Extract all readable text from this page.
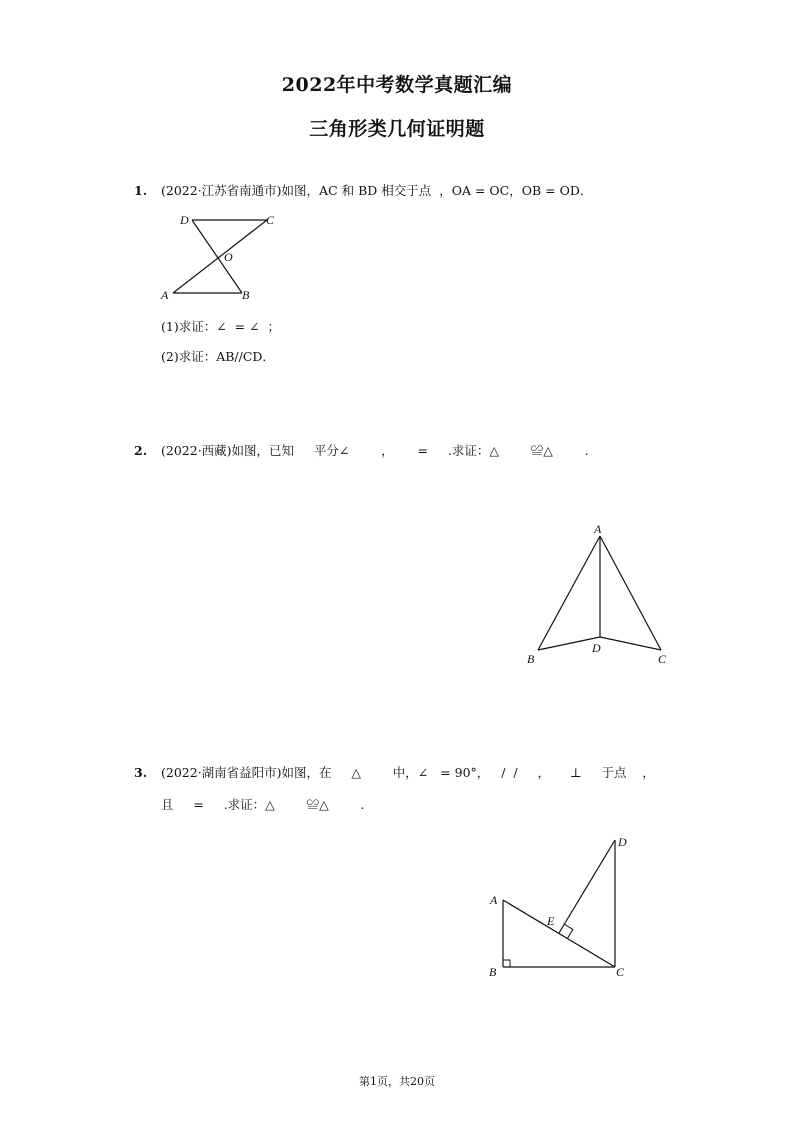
2022年中考数学真题汇编
三角形类几何证明题
1. (2022·江苏省南通市)如图，AC 和 BD 相交于点  ，OA = OC，OB = OD．
D	C
O
A	B
(1)求证：∠  = ∠  ；
(2)求证：AB//CD．
2. (2022·西藏)如图，已知     平分∠        ，      =     .求证：△        ≌△        .
A
B
D
C
3. (2022·湖南省益阳市)如图，在     △        中，∠   = 90°，   /  /     ，     ⊥     于点    ，
且     =     .求证：△        ≌△        .
D
A
E
B	C
第1页，共20页
